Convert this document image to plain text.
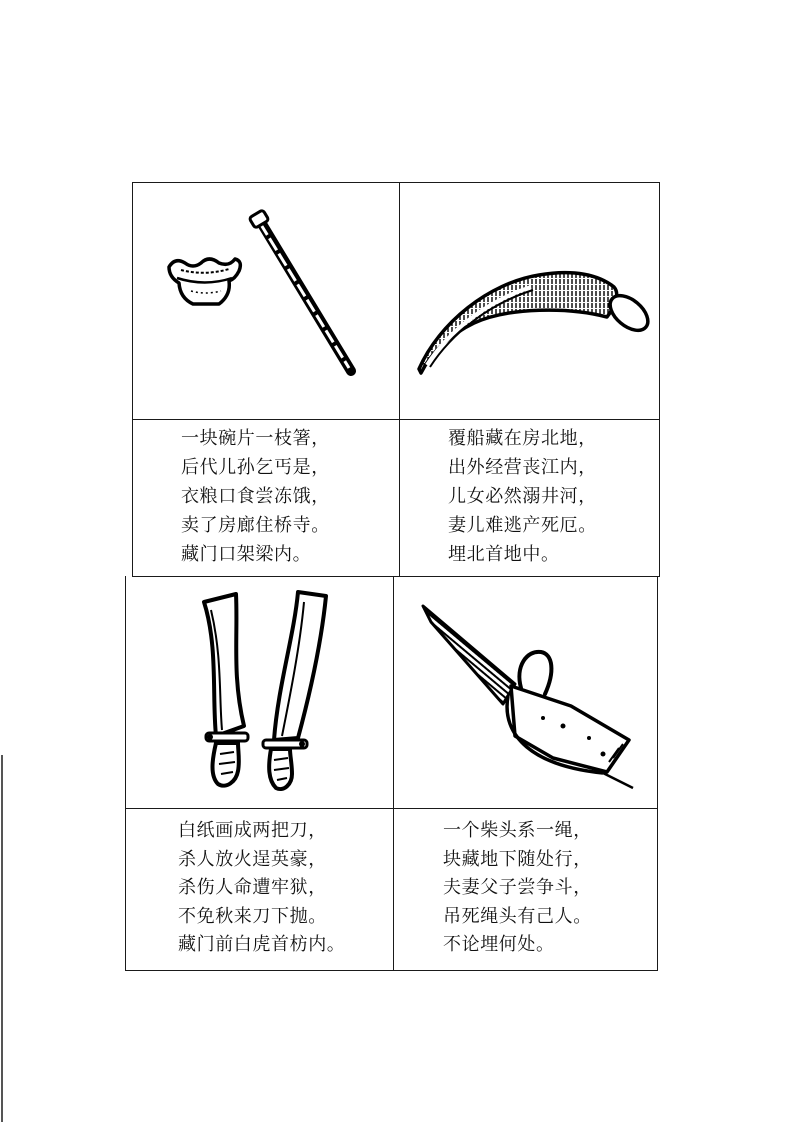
一块碗片一枝箸，
后代儿孙乞丐是，
衣粮口食尝冻饿，
卖了房廊住桥寺。
藏门口架梁内。
覆船藏在房北地，
出外经营丧江内，
儿女必然溺井河，
妻儿难逃产死厄。
埋北首地中。
白纸画成两把刀，
杀人放火逞英豪，
杀伤人命遭牢狱，
不免秋来刀下抛。
藏门前白虎首枋内。
一个柴头系一绳，
块藏地下随处行，
夫妻父子尝争斗，
吊死绳头有己人。
不论埋何处。
